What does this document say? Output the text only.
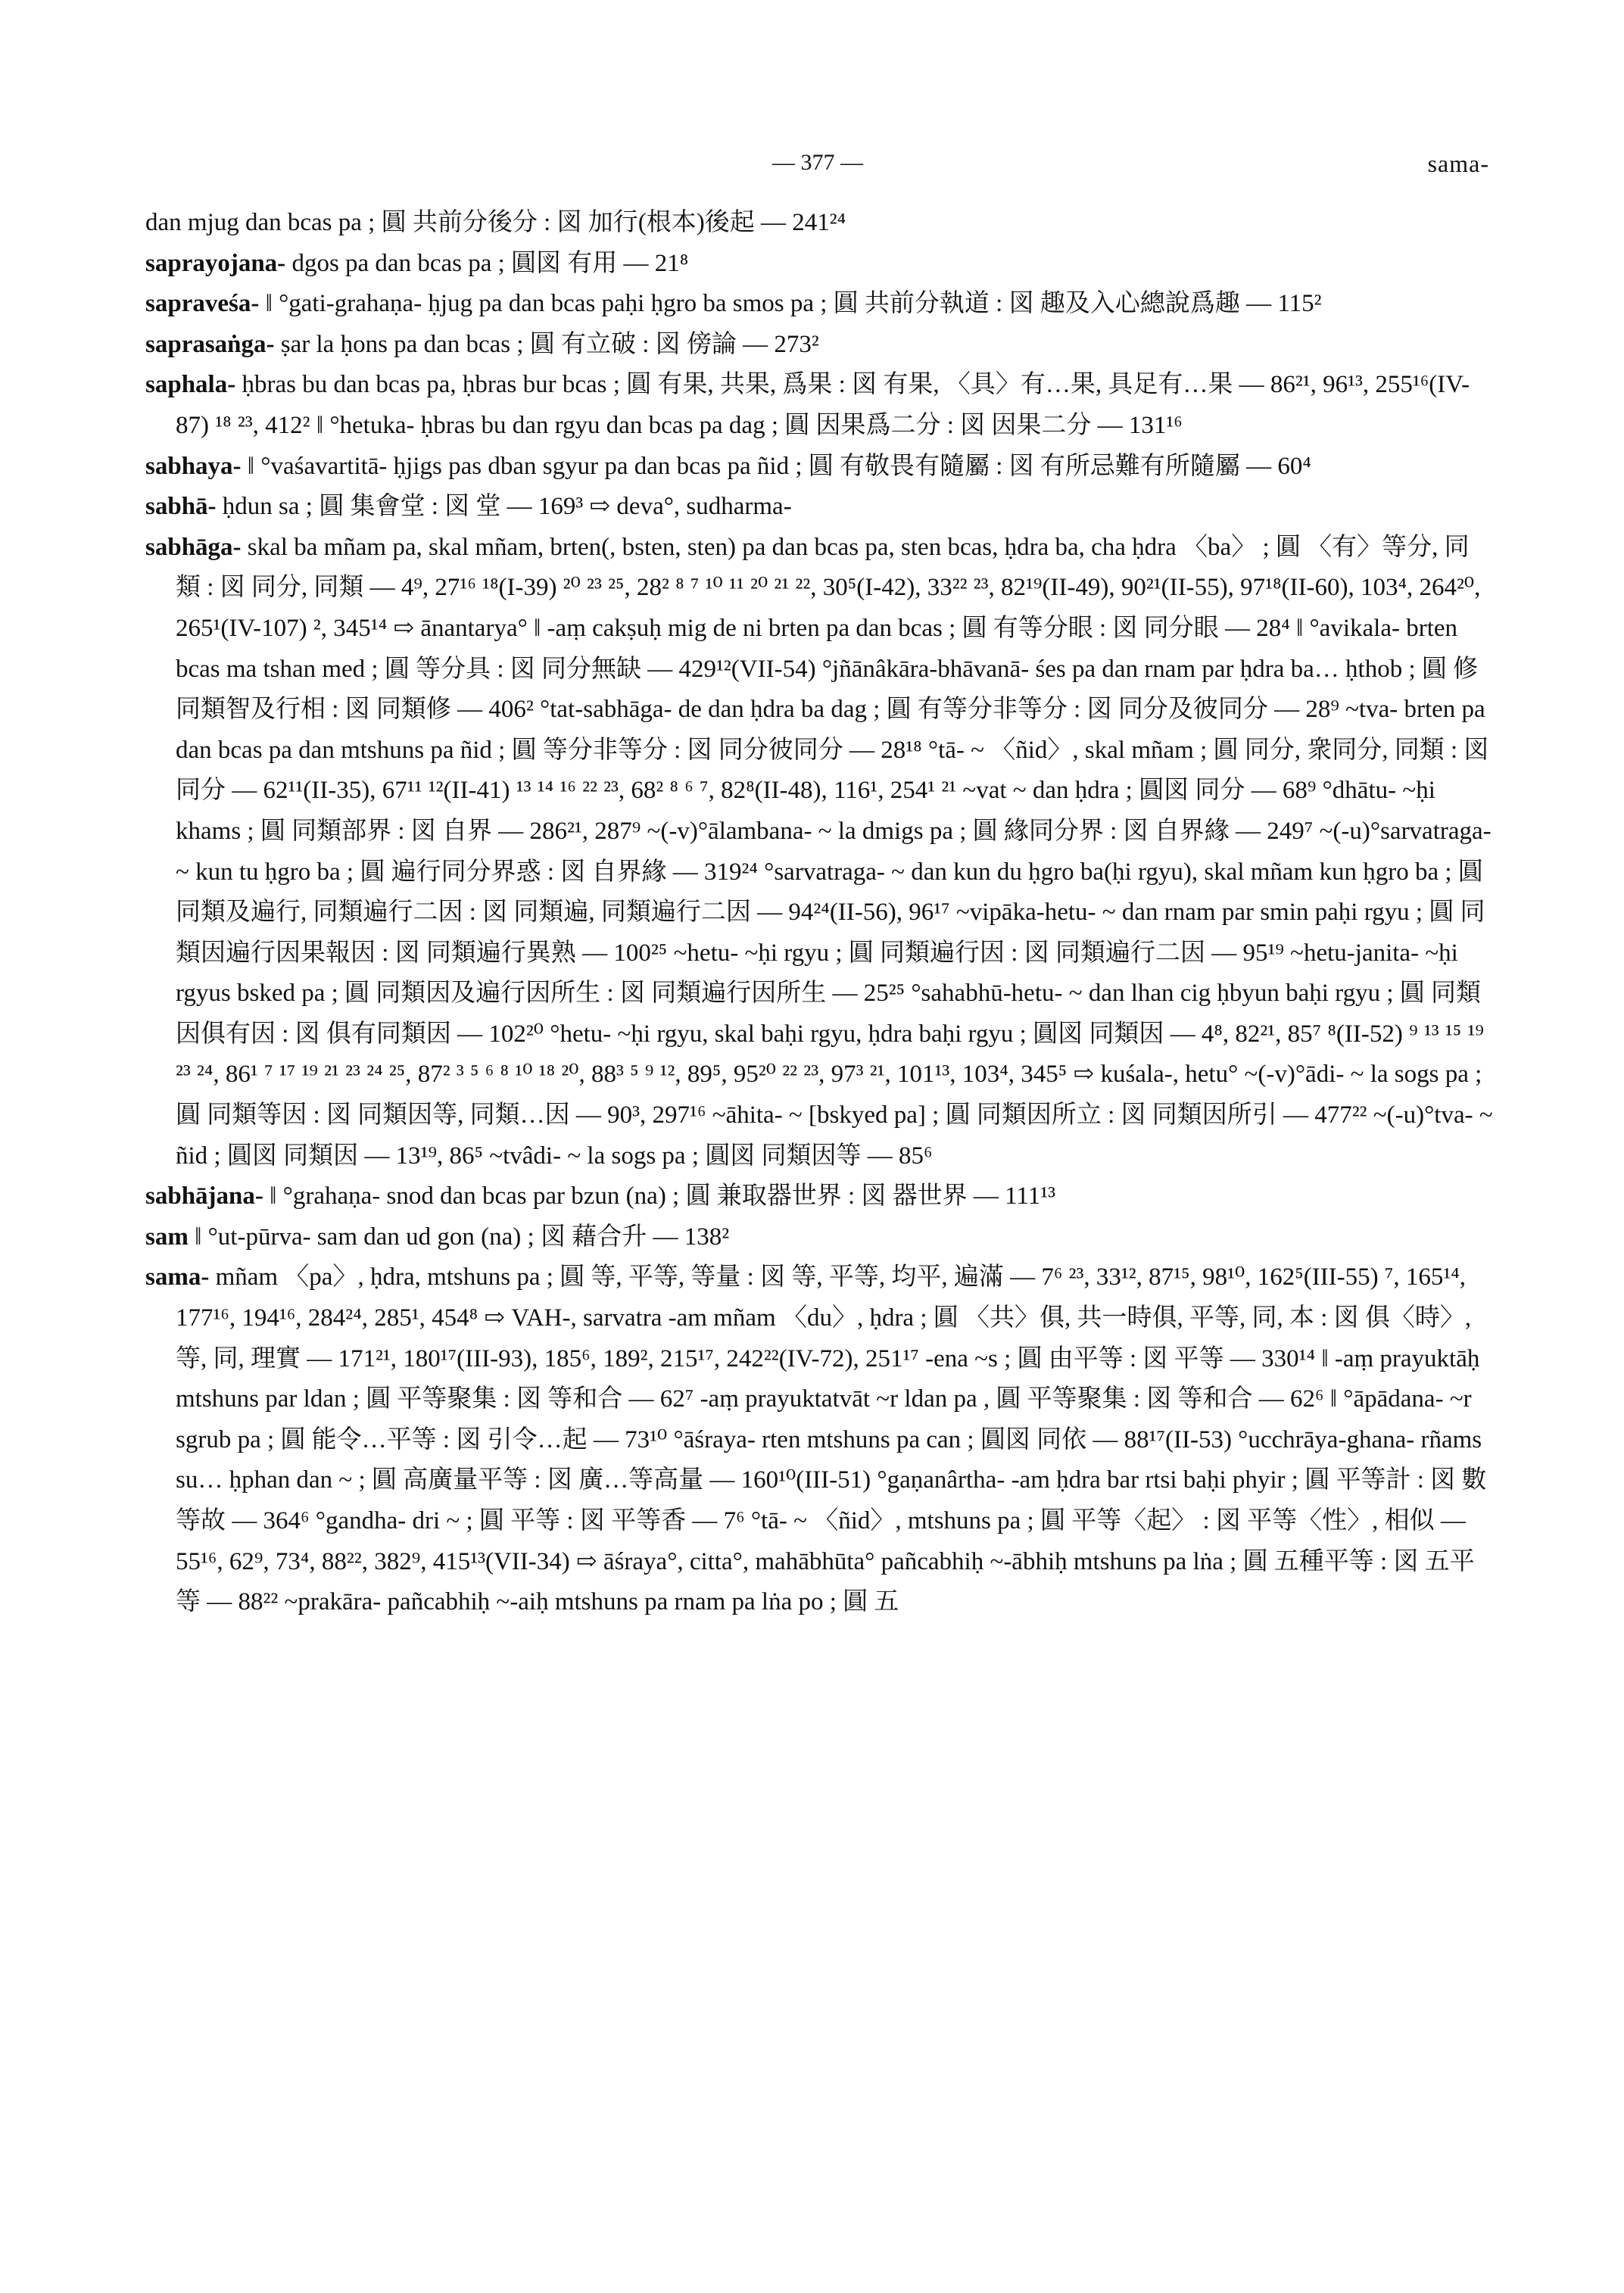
— 377 —	sama-

dan mjug dan bcas pa ; 圓 共前分後分 : 図 加行(根本)後起 — 241²⁴

saprayojana- dgos pa dan bcas pa ; 圓図 有用 — 21⁸

sapraveśa- ‖ °gati-grahaṇa- ḥjug pa dan bcas paḥi ḥgro ba smos pa ; 圓 共前分執道 : 図 趣及入心總說爲趣 — 115²

saprasaṅga- ṣar la ḥons pa dan bcas ; 圓 有立破 : 図 傍論 — 273²

saphala- ḥbras bu dan bcas pa, ḥbras bur bcas ; 圓 有果, 共果, 爲果 : 図 有果, 〈具〉有…果, 具足有…果 — 86²¹, 96¹³, 255¹⁶(IV-87) ¹⁸ ²³, 412² ‖ °hetuka- ḥbras bu dan rgyu dan bcas pa dag ; 圓 因果爲二分 : 図 因果二分 — 131¹⁶

sabhaya- ‖ °vaśavartitā- ḥjigs pas dban sgyur pa dan bcas pa ñid ; 圓 有敬畏有隨屬 : 図 有所忌難有所隨屬 — 60⁴

sabhā- ḥdun sa ; 圓 集會堂 : 図 堂 — 169³ ⇨ deva°, sudharma-

sabhāga- skal ba mñam pa, skal mñam, brten(, bsten, sten) pa dan bcas pa, sten bcas, ḥdra ba, cha ḥdra 〈ba〉 ; 圓 〈有〉等分, 同類 : 図 同分, 同類 — 4⁹, 27¹⁶ ¹⁸(I-39) ²⁰ ²³ ²⁵, 28² ⁸ ⁷ ¹⁰ ¹¹ ²⁰ ²¹ ²², 30⁵(I-42), 33²² ²³, 82¹⁹(II-49), 90²¹(II-55), 97¹⁸(II-60), 103⁴, 264²⁰, 265¹(IV-107) ², 345¹⁴ ⇨ ānantarya° ‖ -aṃ cakṣuḥ mig de ni brten pa dan bcas ; 圓 有等分眼 : 図 同分眼 — 28⁴ ‖ °avikala- brten bcas ma tshan med ; 圓 等分具 : 図 同分無缺 — 429¹²(VII-54) °jñānâkāra-bhāvanā- śes pa dan rnam par ḥdra ba… ḥthob ; 圓 修同類智及行相 : 図 同類修 — 406² °tat-sabhāga- de dan ḥdra ba dag ; 圓 有等分非等分 : 図 同分及彼同分 — 28⁹ ~tva- brten pa dan bcas pa dan mtshuns pa ñid ; 圓 等分非等分 : 図 同分彼同分 — 28¹⁸ °tā- ~ 〈ñid〉, skal mñam ; 圓 同分, 衆同分, 同類 : 図 同分 — 62¹¹(II-35), 67¹¹ ¹²(II-41) ¹³ ¹⁴ ¹⁶ ²² ²³, 68² ⁸ ⁶ ⁷, 82⁸(II-48), 116¹, 254¹ ²¹ ~vat ~ dan ḥdra ; 圓図 同分 — 68⁹ °dhātu- ~ḥi khams ; 圓 同類部界 : 図 自界 — 286²¹, 287⁹ ~(-v)°ālambana- ~ la dmigs pa ; 圓 緣同分界 : 図 自界緣 — 249⁷ ~(-u)°sarvatraga- ~ kun tu ḥgro ba ; 圓 遍行同分界惑 : 図 自界緣 — 319²⁴ °sarvatraga- ~ dan kun du ḥgro ba(ḥi rgyu), skal mñam kun ḥgro ba ; 圓 同類及遍行, 同類遍行二因 : 図 同類遍, 同類遍行二因 — 94²⁴(II-56), 96¹⁷ ~vipāka-hetu- ~ dan rnam par smin paḥi rgyu ; 圓 同類因遍行因果報因 : 図 同類遍行異熟 — 100²⁵ ~hetu- ~ḥi rgyu ; 圓 同類遍行因 : 図 同類遍行二因 — 95¹⁹ ~hetu-janita- ~ḥi rgyus bsked pa ; 圓 同類因及遍行因所生 : 図 同類遍行因所生 — 25²⁵ °sahabhū-hetu- ~ dan lhan cig ḥbyun baḥi rgyu ; 圓 同類因俱有因 : 図 俱有同類因 — 102²⁰ °hetu- ~ḥi rgyu, skal baḥi rgyu, ḥdra baḥi rgyu ; 圓図 同類因 — 4⁸, 82²¹, 85⁷ ⁸(II-52) ⁹ ¹³ ¹⁵ ¹⁹ ²³ ²⁴, 86¹ ⁷ ¹⁷ ¹⁹ ²¹ ²³ ²⁴ ²⁵, 87² ³ ⁵ ⁶ ⁸ ¹⁰ ¹⁸ ²⁰, 88³ ⁵ ⁹ ¹², 89⁵, 95²⁰ ²² ²³, 97³ ²¹, 101¹³, 103⁴, 345⁵ ⇨ kuśala-, hetu° ~(-v)°ādi- ~ la sogs pa ; 圓 同類等因 : 図 同類因等, 同類…因 — 90³, 297¹⁶ ~āhita- ~ [bskyed pa] ; 圓 同類因所立 : 図 同類因所引 — 477²² ~(-u)°tva- ~ ñid ; 圓図 同類因 — 13¹⁹, 86⁵ ~tvâdi- ~ la sogs pa ; 圓図 同類因等 — 85⁶

sabhājana- ‖ °grahaṇa- snod dan bcas par bzun (na) ; 圓 兼取器世界 : 図 器世界 — 111¹³

sam ‖ °ut-pūrva- sam dan ud gon (na) ; 図 藉合升 — 138²

sama- mñam 〈pa〉, ḥdra, mtshuns pa ; 圓 等, 平等, 等量 : 図 等, 平等, 均平, 遍滿 — 7⁶ ²³, 33¹², 87¹⁵, 98¹⁰, 162⁵(III-55) ⁷, 165¹⁴, 177¹⁶, 194¹⁶, 284²⁴, 285¹, 454⁸ ⇨ VAH-, sarvatra -am mñam 〈du〉, ḥdra ; 圓 〈共〉俱, 共一時俱, 平等, 同, 本 : 図 俱〈時〉, 等, 同, 理實 — 171²¹, 180¹⁷(III-93), 185⁶, 189², 215¹⁷, 242²²(IV-72), 251¹⁷ -ena ~s ; 圓 由平等 : 図 平等 — 330¹⁴ ‖ -aṃ prayuktāḥ mtshuns par ldan ; 圓 平等聚集 : 図 等和合 — 62⁷ -aṃ prayuktatvāt ~r ldan pa , 圓 平等聚集 : 図 等和合 — 62⁶ ‖ °āpādana- ~r sgrub pa ; 圓 能令…平等 : 図 引令…起 — 73¹⁰ °āśraya- rten mtshuns pa can ; 圓図 同依 — 88¹⁷(II-53) °ucchrāya-ghana- rñams su… ḥphan dan ~ ; 圓 高廣量平等 : 図 廣…等高量 — 160¹⁰(III-51) °gaṇanârtha- -am ḥdra bar rtsi baḥi phyir ; 圓 平等計 : 図 數等故 — 364⁶ °gandha- dri ~ ; 圓 平等 : 図 平等香 — 7⁶ °tā- ~ 〈ñid〉, mtshuns pa ; 圓 平等〈起〉 : 図 平等〈性〉, 相似 — 55¹⁶, 62⁹, 73⁴, 88²², 382⁹, 415¹³(VII-34) ⇨ āśraya°, citta°, mahābhūta° pañcabhiḥ ~-ābhiḥ mtshuns pa lṅa ; 圓 五種平等 : 図 五平等 — 88²² ~prakāra- pañcabhiḥ ~-aiḥ mtshuns pa rnam pa lṅa po ; 圓 五
